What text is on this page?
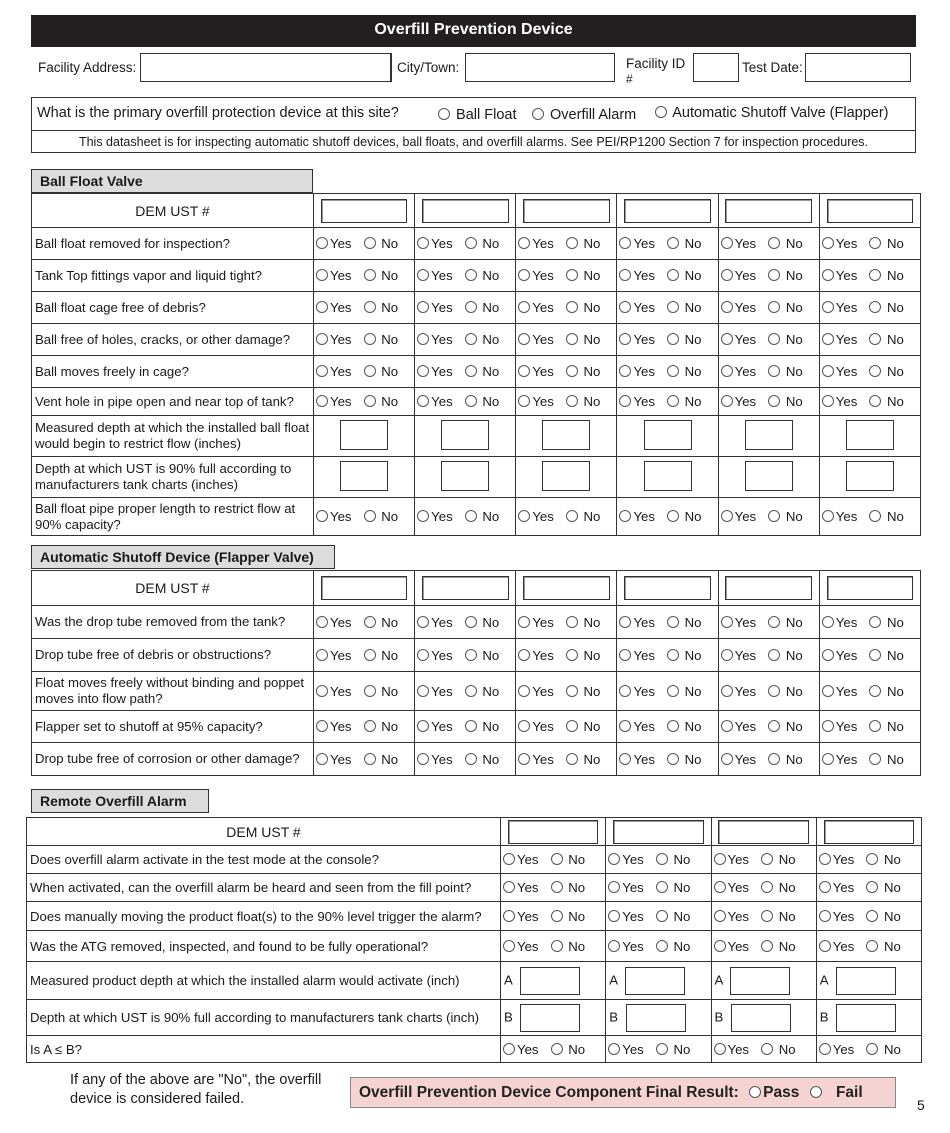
Overfill Prevention Device
Facility Address:	City/Town:	Facility ID
#
Test Date:
What is the primary overfill protection device at this site?	Ball Float	Overfill Alarm	Automatic Shutoff Valve (Flapper)
This datasheet is for inspecting automatic shutoff devices, ball floats, and overfill alarms. See PEI/RP1200 Section 7 for inspection procedures.
Ball Float Valve
DEM UST #	

Ball float removed for inspection?	Yes No	Yes No	Yes No	Yes No	Yes No	Yes No
Tank Top fittings vapor and liquid tight?	Yes No	Yes No	Yes No	Yes No	Yes No	Yes No
Ball float cage free of debris?	Yes No	Yes No	Yes No	Yes No	Yes No	Yes No
Ball free of holes, cracks, or other damage?	Yes No	Yes No	Yes No	Yes No	Yes No	Yes No
Ball moves freely in cage?	Yes No	Yes No	Yes No	Yes No	Yes No	Yes No
Vent hole in pipe open and near top of tank?	Yes No	Yes No	Yes No	Yes No	Yes No	Yes No
Measured depth at which the installed ball float would begin to restrict flow (inches)						
Depth at which UST is 90% full according to manufacturers tank charts (inches)						
Ball float pipe proper length to restrict flow at 90% capacity?	Yes No	Yes No	Yes No	Yes No	Yes No	Yes No
Automatic Shutoff Device (Flapper Valve)
DEM UST #	

Was the drop tube removed from the tank?	Yes No	Yes No	Yes No	Yes No	Yes No	Yes No
Drop tube free of debris or obstructions?	Yes No	Yes No	Yes No	Yes No	Yes No	Yes No
Float moves freely without binding and poppet moves into flow path?	Yes No	Yes No	Yes No	Yes No	Yes No	Yes No
Flapper set to shutoff at 95% capacity?	Yes No	Yes No	Yes No	Yes No	Yes No	Yes No
Drop tube free of corrosion or other damage?	Yes No	Yes No	Yes No	Yes No	Yes No	Yes No
Remote Overfill Alarm
DEM UST #	

Does overfill alarm activate in the test mode at the console?	Yes No	Yes No	Yes No	Yes No
When activated, can the overfill alarm be heard and seen from the fill point?	Yes No	Yes No	Yes No	Yes No
Does manually moving the product float(s) to the 90% level trigger the alarm?	Yes No	Yes No	Yes No	Yes No
Was the ATG removed, inspected, and found to be fully operational?	Yes No	Yes No	Yes No	Yes No
Measured product depth at which the installed alarm would activate (inch)	A	A	A	A
Depth at which UST is 90% full according to manufacturers tank charts (inch)	B	B	B	B
Is A ≤ B?	Yes No	Yes No	Yes No	Yes No
If any of the above are "No", the overfill device is considered failed.	Overfill Prevention Device Component Final Result: Pass Fail
5
